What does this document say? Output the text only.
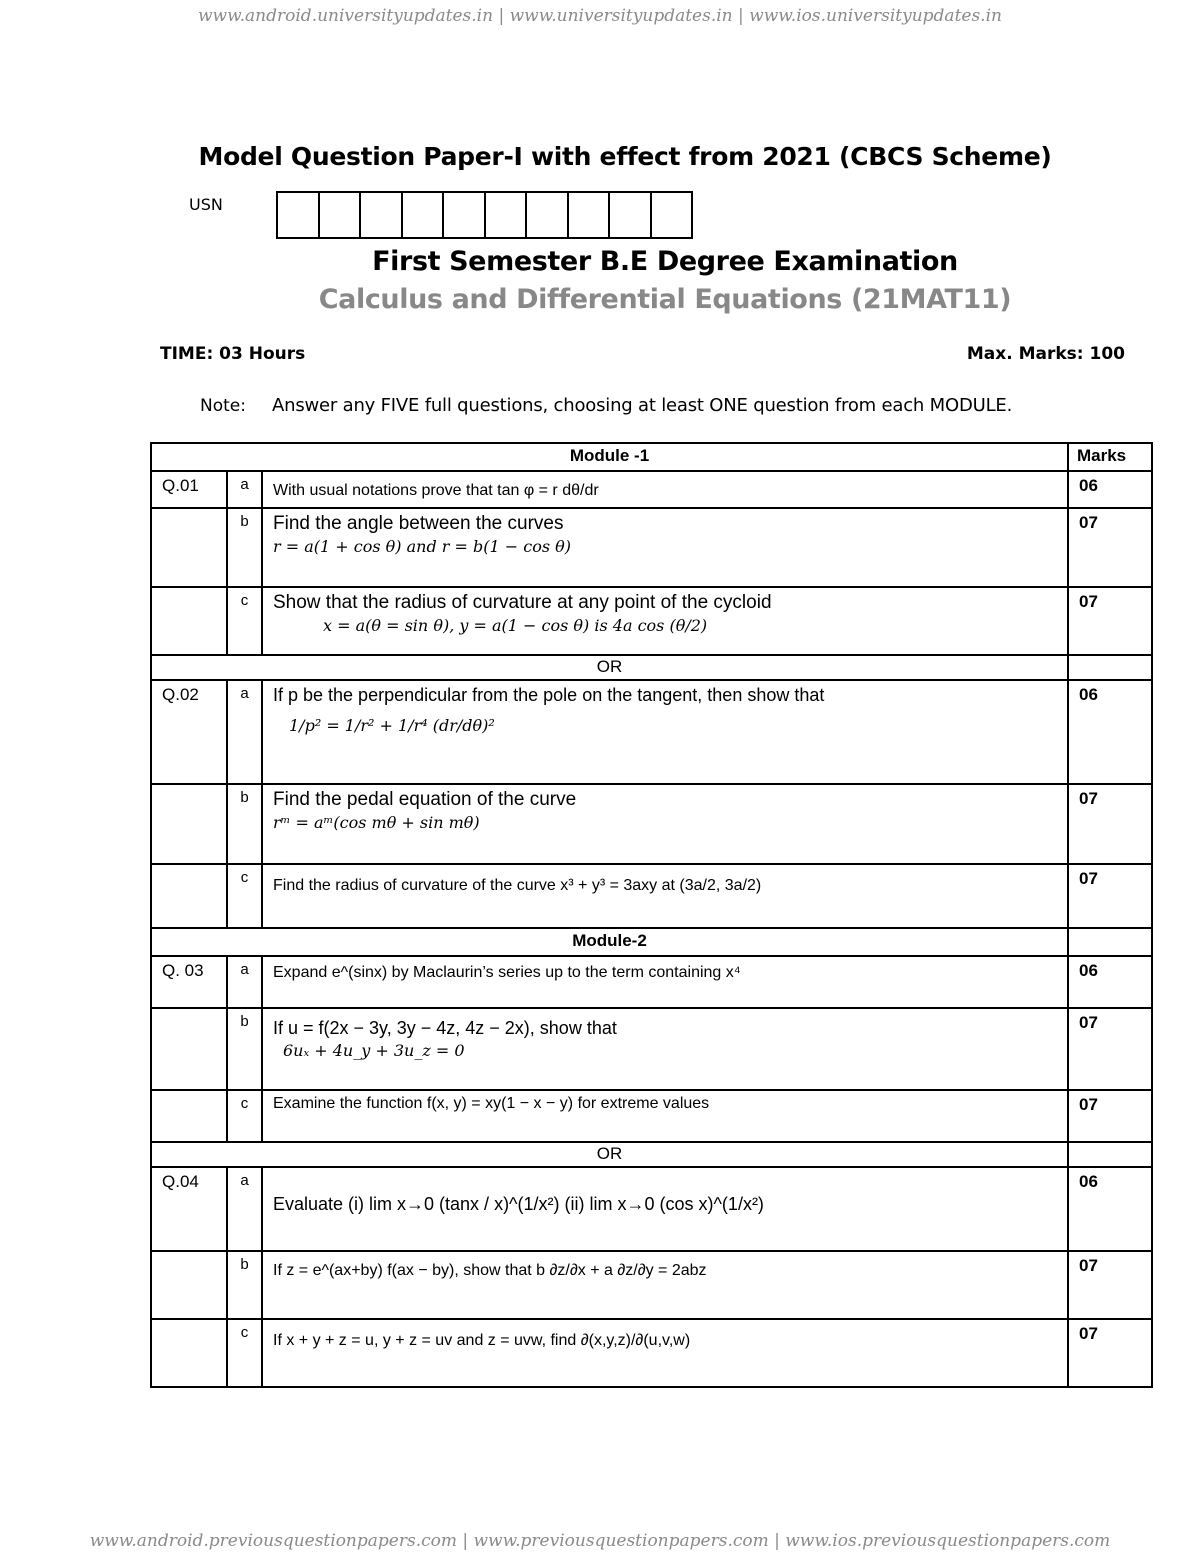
www.android.universityupdates.in | www.universityupdates.in | www.ios.universityupdates.in
Model Question Paper-I with effect from 2021 (CBCS Scheme)
USN
First Semester B.E Degree Examination
Calculus and Differential Equations (21MAT11)
TIME: 03 Hours	Max. Marks: 100
Note: Answer any FIVE full questions, choosing at least ONE question from each MODULE.
Module -1			Marks
Q.01	a	With usual notations prove that tan φ = r dθ/dr	06
	b	Find the angle between the curves
r = a(1 + cos θ) and r = b(1 − cos θ)	07
	c	Show that the radius of curvature at any point of the cycloid
x = a(θ = sin θ), y = a(1 − cos θ) is 4a cos (θ/2)	07
OR			
Q.02	a	If p be the perpendicular from the pole on the tangent, then show that
1/p² = 1/r² + 1/r⁴ (dr/dθ)²	06
	b	Find the pedal equation of the curve
rᵐ = aᵐ(cos mθ + sin mθ)	07
	c	Find the radius of curvature of the curve x³ + y³ = 3axy at (3a/2, 3a/2)	07
Module-2			
Q. 03	a	Expand e^(sinx) by Maclaurin’s series up to the term containing x⁴	06
	b	If u = f(2x − 3y, 3y − 4z, 4z − 2x), show that
6uₓ + 4u_y + 3u_z = 0	07
	c	Examine the function f(x, y) = xy(1 − x − y) for extreme values	07
OR			
Q.04	a	Evaluate (i) lim x→0 (tanx / x)^(1/x²) (ii) lim x→0 (cos x)^(1/x²)	06
	b	If z = e^(ax+by) f(ax − by), show that b ∂z/∂x + a ∂z/∂y = 2abz	07
	c	If x + y + z = u, y + z = uv and z = uvw, find ∂(x,y,z)/∂(u,v,w)	07
www.android.previousquestionpapers.com | www.previousquestionpapers.com | www.ios.previousquestionpapers.com
